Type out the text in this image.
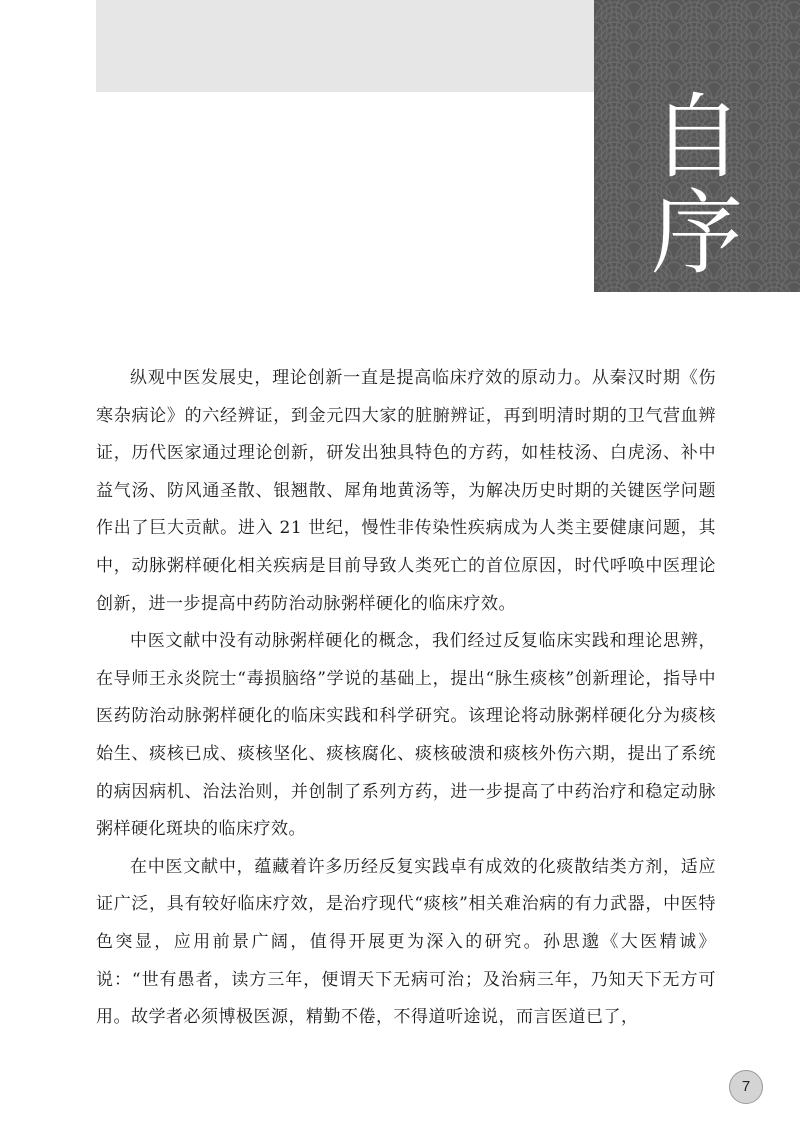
自
序

纵观中医发展史，理论创新一直是提高临床疗效的原动力。从秦汉时期《伤寒杂病论》的六经辨证，到金元四大家的脏腑辨证，再到明清时期的卫气营血辨证，历代医家通过理论创新，研发出独具特色的方药，如桂枝汤、白虎汤、补中益气汤、防风通圣散、银翘散、犀角地黄汤等，为解决历史时期的关键医学问题作出了巨大贡献。进入 21 世纪，慢性非传染性疾病成为人类主要健康问题，其中，动脉粥样硬化相关疾病是目前导致人类死亡的首位原因，时代呼唤中医理论创新，进一步提高中药防治动脉粥样硬化的临床疗效。

中医文献中没有动脉粥样硬化的概念，我们经过反复临床实践和理论思辨，在导师王永炎院士“毒损脑络”学说的基础上，提出“脉生痰核”创新理论，指导中医药防治动脉粥样硬化的临床实践和科学研究。该理论将动脉粥样硬化分为痰核始生、痰核已成、痰核坚化、痰核腐化、痰核破溃和痰核外伤六期，提出了系统的病因病机、治法治则，并创制了系列方药，进一步提高了中药治疗和稳定动脉粥样硬化斑块的临床疗效。

在中医文献中，蕴藏着许多历经反复实践卓有成效的化痰散结类方剂，适应证广泛，具有较好临床疗效，是治疗现代“痰核”相关难治病的有力武器，中医特色突显，应用前景广阔，值得开展更为深入的研究。孙思邈《大医精诚》说：“世有愚者，读方三年，便谓天下无病可治；及治病三年，乃知天下无方可用。故学者必须博极医源，精勤不倦，不得道听途说，而言医道已了，

7
